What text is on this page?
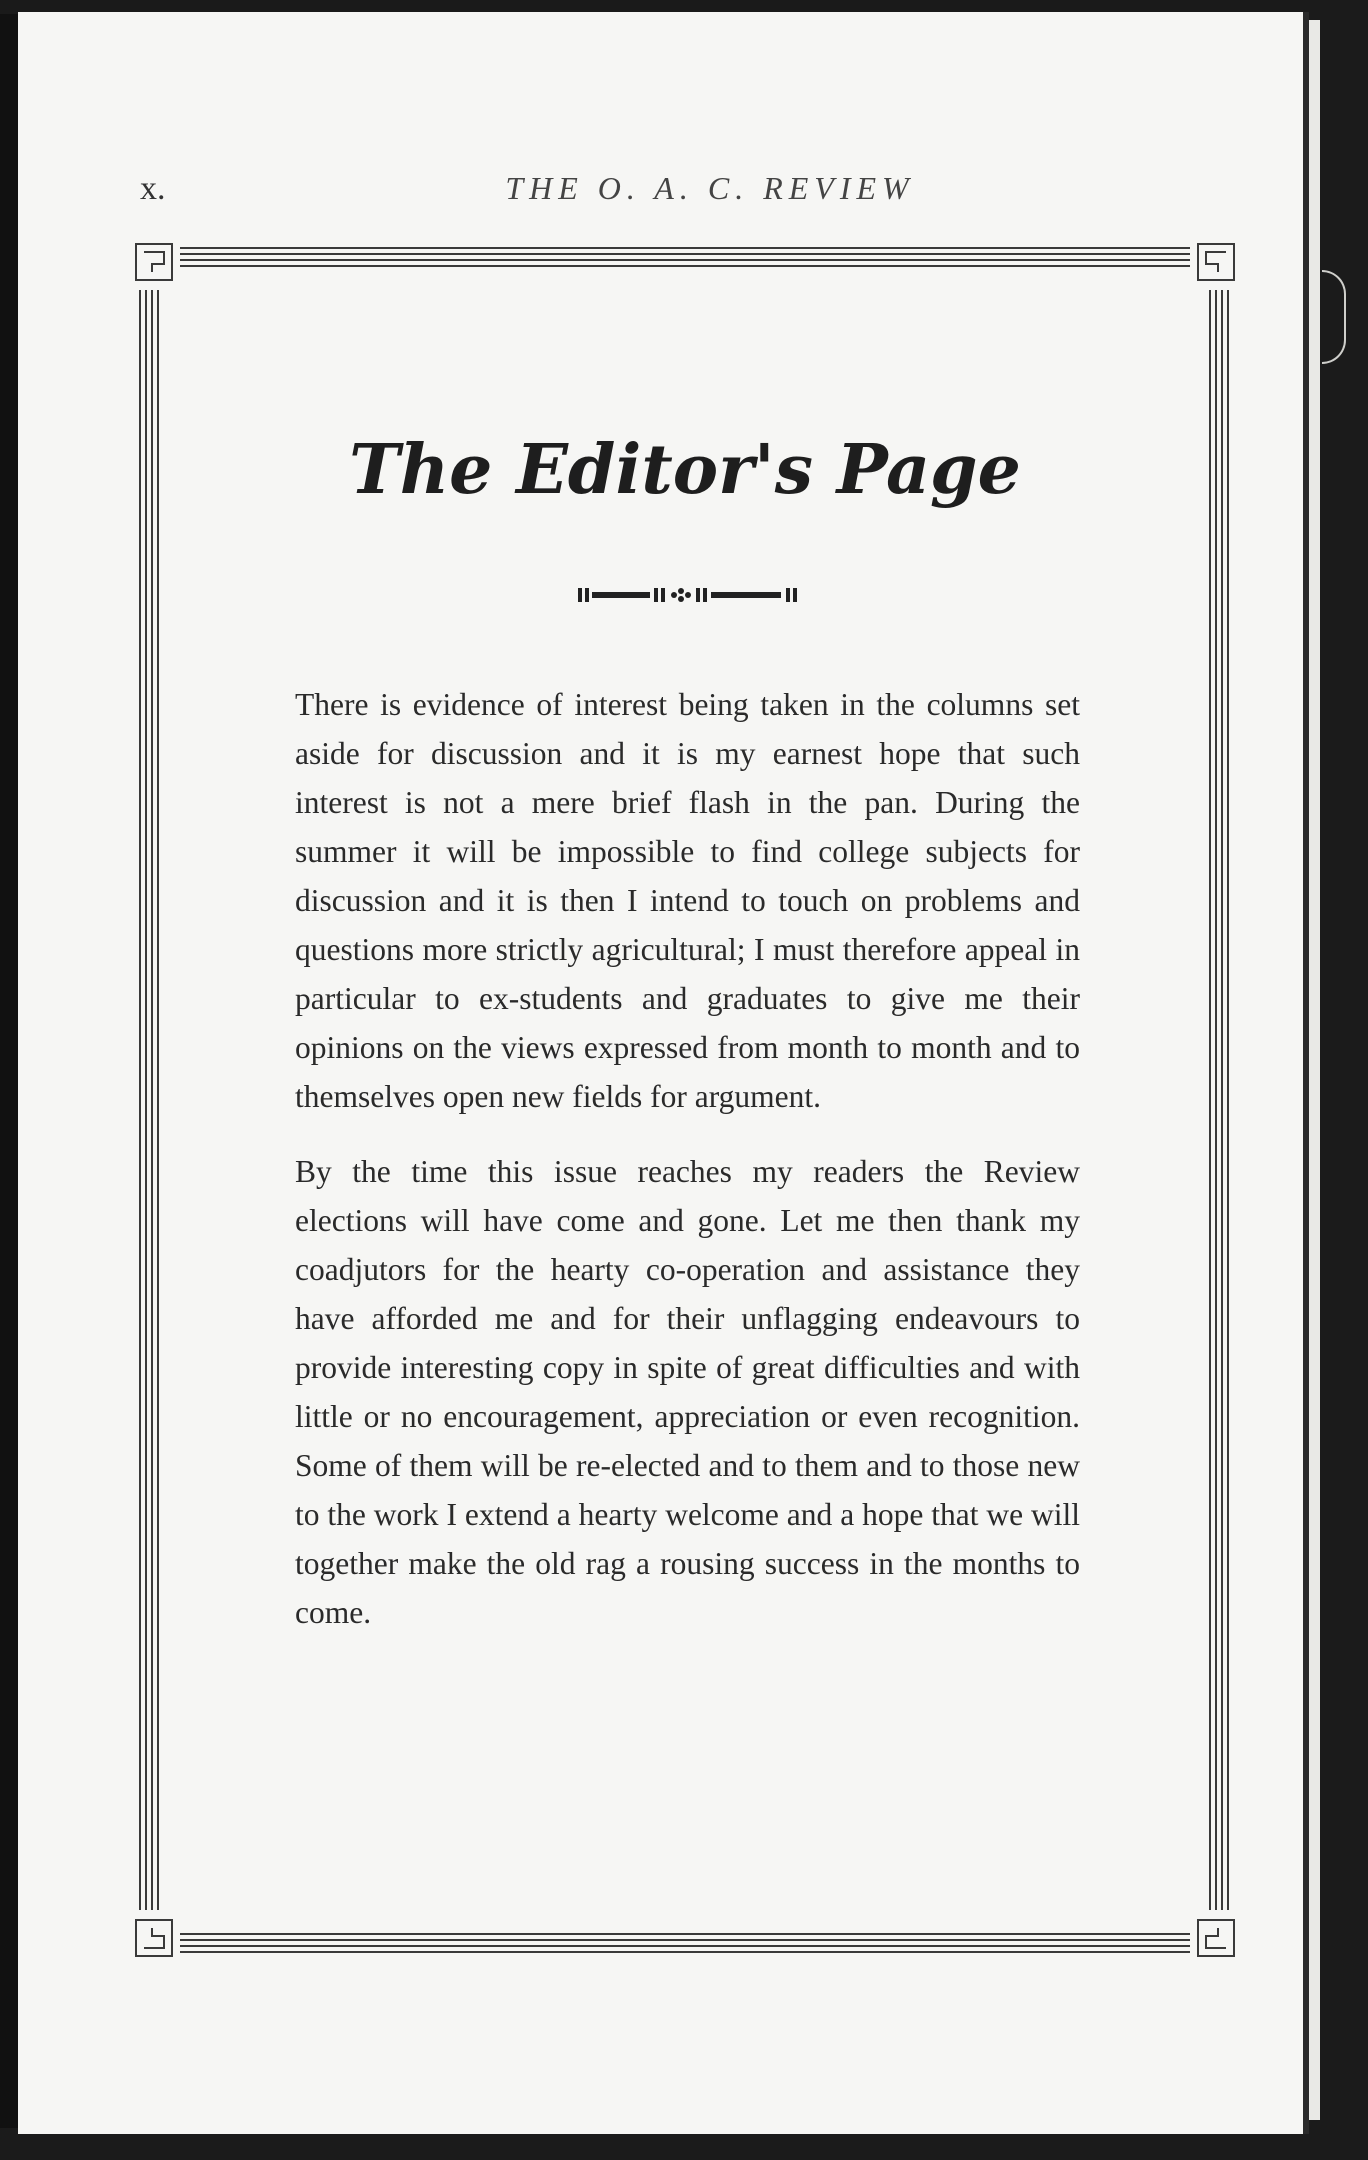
x.	THE O. A. C. REVIEW
The Editor's Page

There is evidence of interest being taken in the columns set aside for discussion and it is my earnest hope that such interest is not a mere brief flash in the pan. During the summer it will be impossible to find college subjects for discussion and it is then I intend to touch on problems and questions more strictly agricultural; I must therefore appeal in particular to ex-students and graduates to give me their opinions on the views expressed from month to month and to themselves open new fields for argument.

By the time this issue reaches my readers the Review elections will have come and gone. Let me then thank my coadjutors for the hearty co-operation and assistance they have afforded me and for their unflagging endeavours to provide interesting copy in spite of great difficulties and with little or no encouragement, appreciation or even recognition. Some of them will be re-elected and to them and to those new to the work I extend a hearty welcome and a hope that we will together make the old rag a rousing success in the months to come.
